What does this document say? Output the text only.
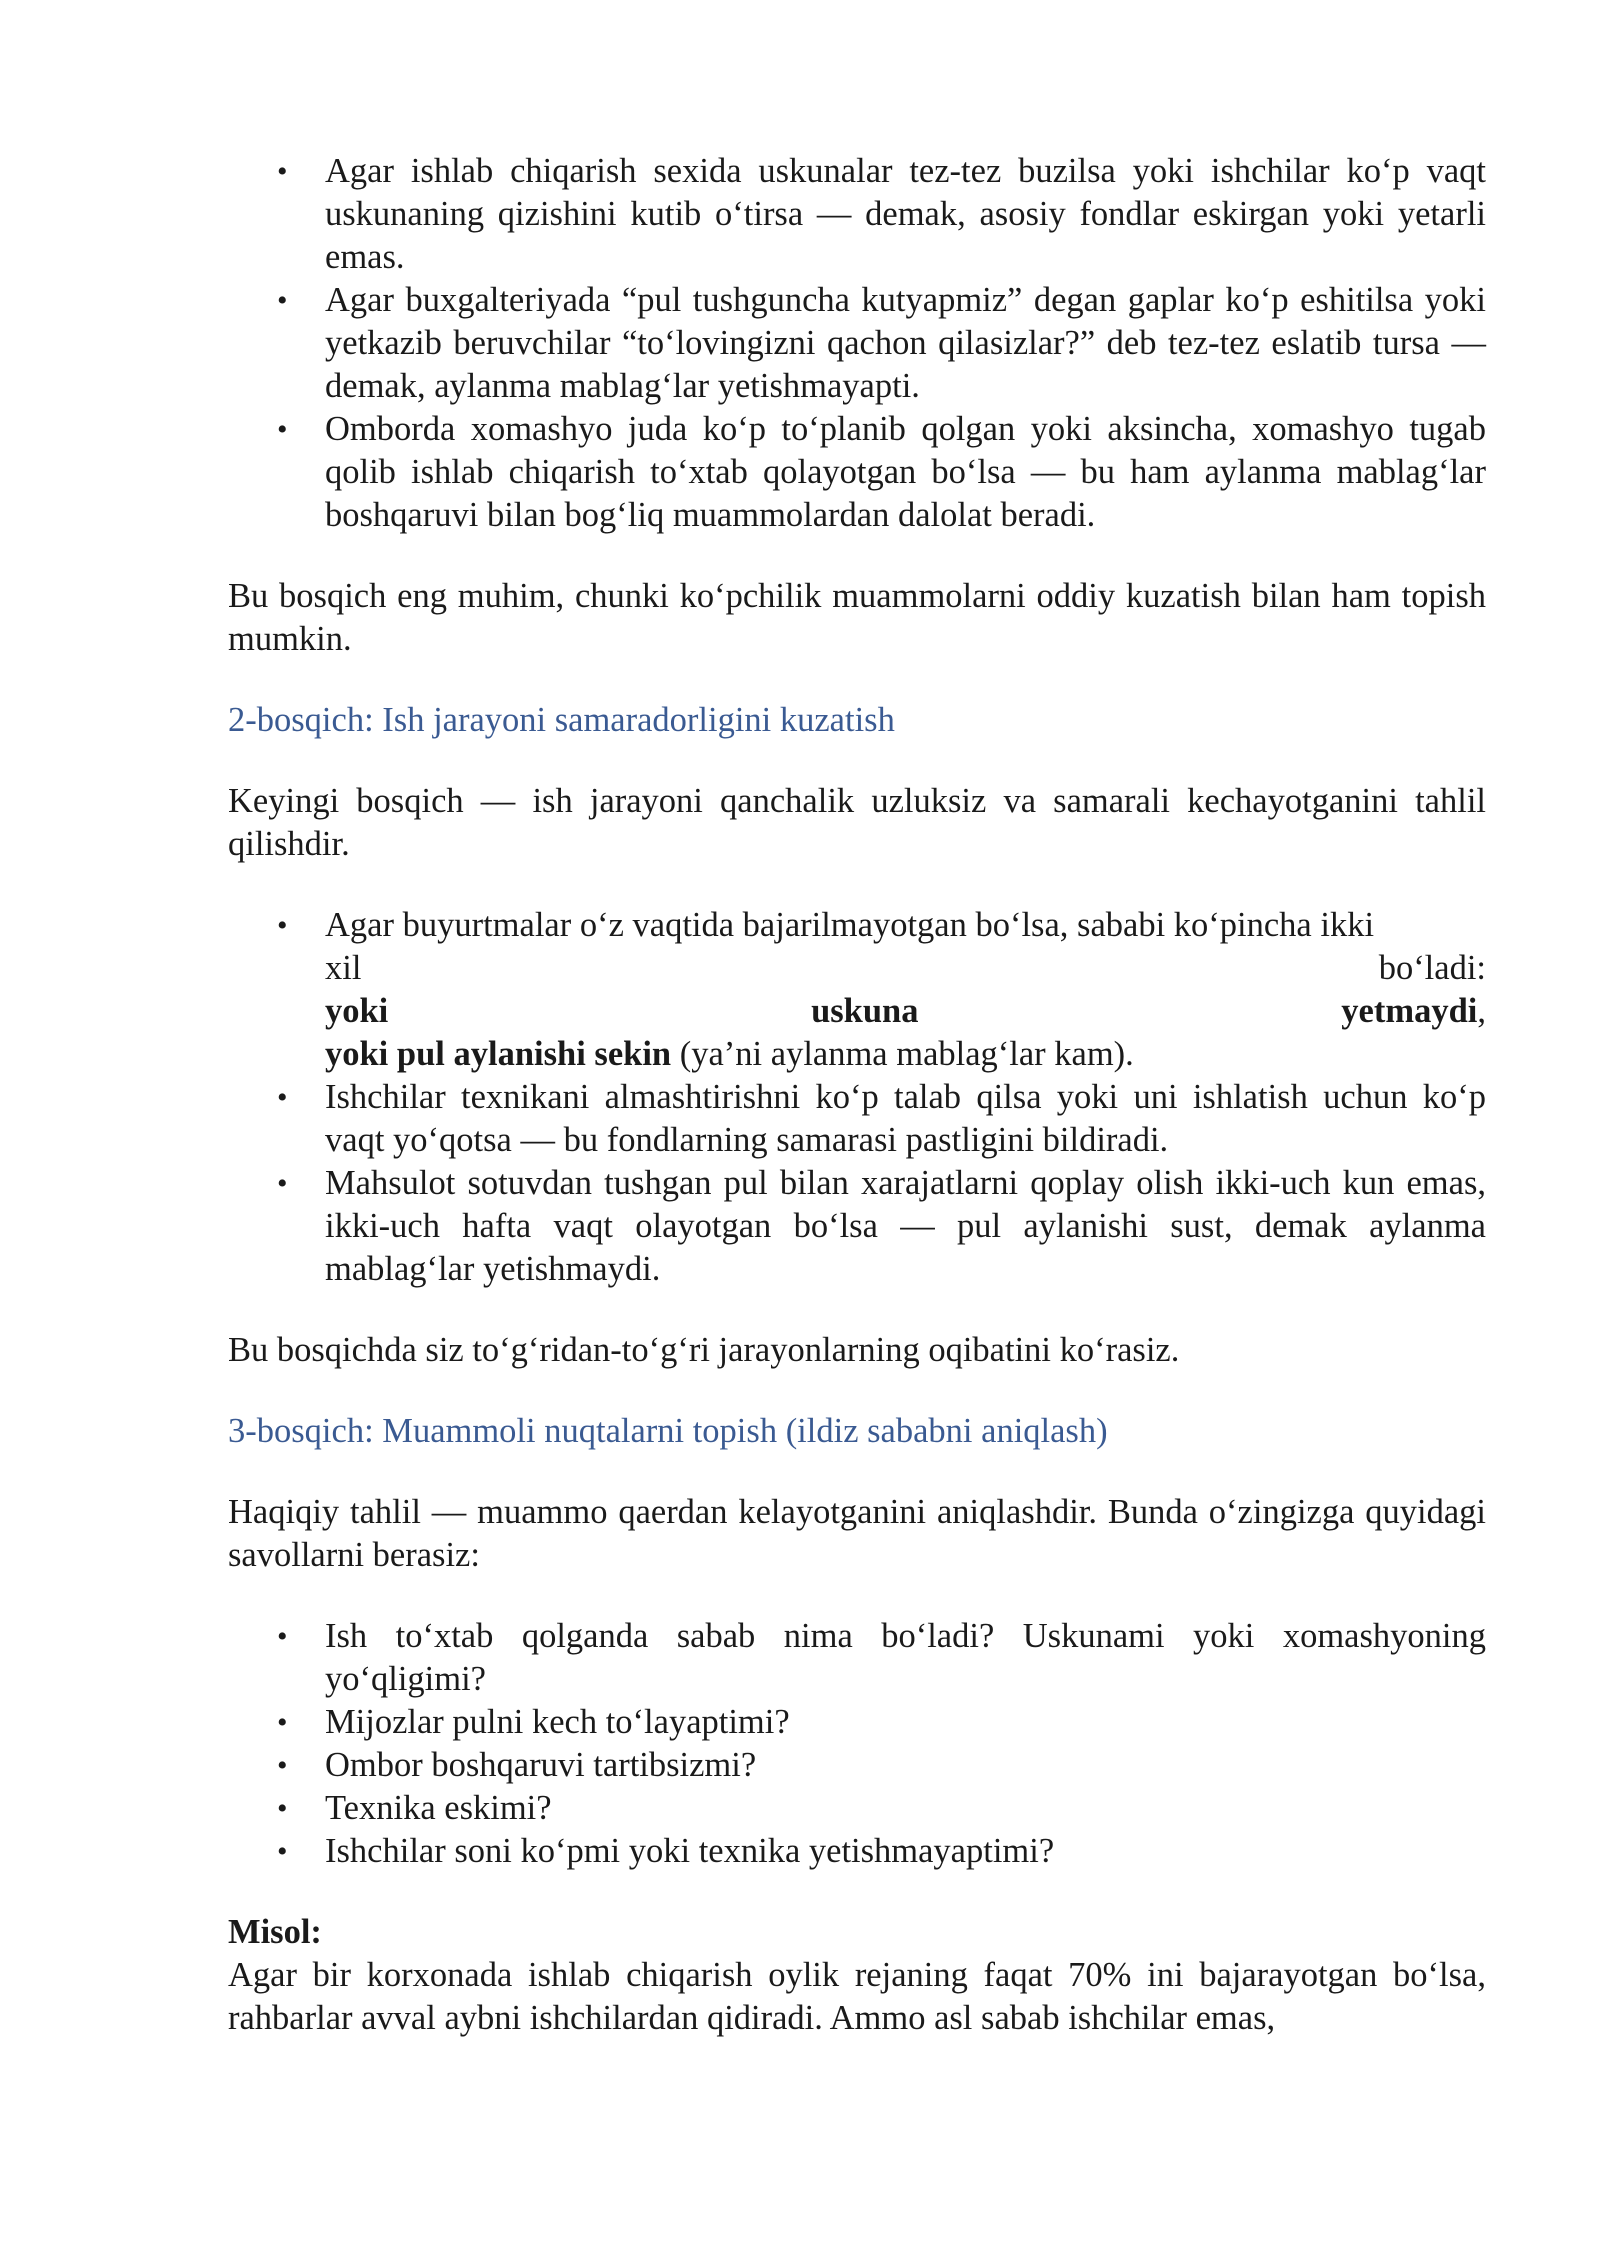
• Agar ishlab chiqarish sexida uskunalar tez-tez buzilsa yoki ishchilar ko‘p vaqt uskunaning qizishini kutib o‘tirsa — demak, asosiy fondlar eskirgan yoki yetarli emas.
• Agar buxgalteriyada “pul tushguncha kutyapmiz” degan gaplar ko‘p eshitilsa yoki yetkazib beruvchilar “to‘lovingizni qachon qilasizlar?” deb tez-tez eslatib tursa — demak, aylanma mablag‘lar yetishmayapti.
• Omborda xomashyo juda ko‘p to‘planib qolgan yoki aksincha, xomashyo tugab qolib ishlab chiqarish to‘xtab qolayotgan bo‘lsa — bu ham aylanma mablag‘lar boshqaruvi bilan bog‘liq muammolardan dalolat beradi.

Bu bosqich eng muhim, chunki ko‘pchilik muammolarni oddiy kuzatish bilan ham topish mumkin.

2-bosqich: Ish jarayoni samaradorligini kuzatish

Keyingi bosqich — ish jarayoni qanchalik uzluksiz va samarali kechayotganini tahlil qilishdir.

• Agar buyurtmalar o‘z vaqtida bajarilmayotgan bo‘lsa, sababi ko‘pincha ikki
xil	bo‘ladi:
yoki	uskuna	yetmaydi,
yoki pul aylanishi sekin (ya’ni aylanma mablag‘lar kam).
• Ishchilar texnikani almashtirishni ko‘p talab qilsa yoki uni ishlatish uchun ko‘p vaqt yo‘qotsa — bu fondlarning samarasi pastligini bildiradi.
• Mahsulot sotuvdan tushgan pul bilan xarajatlarni qoplay olish ikki-uch kun emas, ikki-uch hafta vaqt olayotgan bo‘lsa — pul aylanishi sust, demak aylanma mablag‘lar yetishmaydi.

Bu bosqichda siz to‘g‘ridan-to‘g‘ri jarayonlarning oqibatini ko‘rasiz.

3-bosqich: Muammoli nuqtalarni topish (ildiz sababni aniqlash)

Haqiqiy tahlil — muammo qaerdan kelayotganini aniqlashdir. Bunda o‘zingizga quyidagi savollarni berasiz:

• Ish to‘xtab qolganda sabab nima bo‘ladi? Uskunami yoki xomashyoning yo‘qligimi?
• Mijozlar pulni kech to‘layaptimi?
• Ombor boshqaruvi tartibsizmi?
• Texnika eskimi?
• Ishchilar soni ko‘pmi yoki texnika yetishmayaptimi?

Misol:

Agar bir korxonada ishlab chiqarish oylik rejaning faqat 70% ini bajarayotgan bo‘lsa, rahbarlar avval aybni ishchilardan qidiradi. Ammo asl sabab ishchilar emas,
